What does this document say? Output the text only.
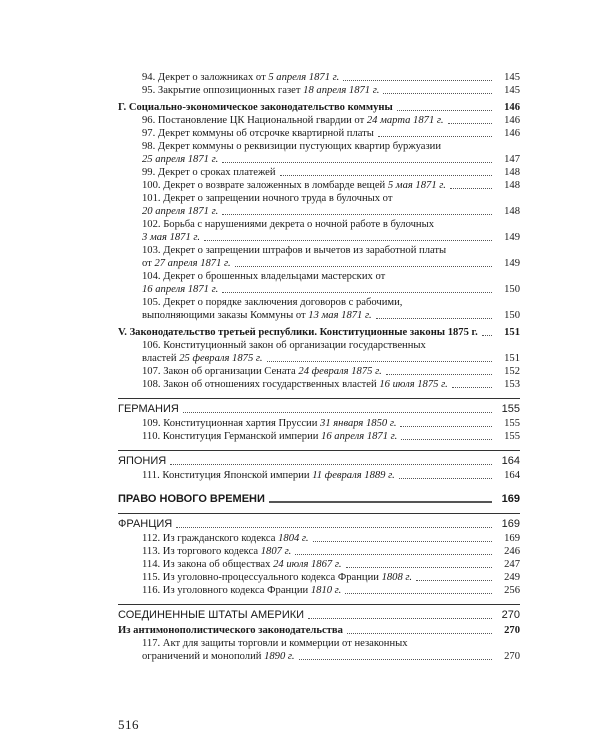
94. Декрет о заложниках от 5 апреля 1871 г.	145
95. Закрытие оппозиционных газет 18 апреля 1871 г.	145
Г. Социально-экономическое законодательство коммуны	146
96. Постановление ЦК Национальной гвардии от 24 марта 1871 г.	146
97. Декрет коммуны об отсрочке квартирной платы	146
98. Декрет коммуны о реквизиции пустующих квартир буржуазии
25 апреля 1871 г.	147
99. Декрет о сроках платежей	148
100. Декрет о возврате заложенных в ломбарде вещей 5 мая 1871 г.	148
101. Декрет о запрещении ночного труда в булочных от
20 апреля 1871 г.	148
102. Борьба с нарушениями декрета о ночной работе в булочных
3 мая 1871 г.	149
103. Декрет о запрещении штрафов и вычетов из заработной платы
от 27 апреля 1871 г.	149
104. Декрет о брошенных владельцами мастерских от
16 апреля 1871 г.	150
105. Декрет о порядке заключения договоров с рабочими,
выполняющими заказы Коммуны от 13 мая 1871 г.	150
V. Законодательство третьей республики. Конституционные законы 1875 г.	151
106. Конституционный закон об организации государственных
властей 25 февраля 1875 г.	151
107. Закон об организации Сената 24 февраля 1875 г.	152
108. Закон об отношениях государственных властей 16 июля 1875 г.	153
ГЕРМАНИЯ	155
109. Конституционная хартия Пруссии 31 января 1850 г.	155
110. Конституция Германской империи 16 апреля 1871 г.	155
ЯПОНИЯ	164
111. Конституция Японской империи 11 февраля 1889 г.	164
ПРАВО НОВОГО ВРЕМЕНИ	169
ФРАНЦИЯ	169
112. Из гражданского кодекса 1804 г.	169
113. Из торгового кодекса 1807 г.	246
114. Из закона об обществах 24 июля 1867 г.	247
115. Из уголовно-процессуального кодекса Франции 1808 г.	249
116. Из уголовного кодекса Франции 1810 г.	256
СОЕДИНЕННЫЕ ШТАТЫ АМЕРИКИ	270
Из антимонополистического законодательства	270
117. Акт для защиты торговли и коммерции от незаконных
ограничений и монополий 1890 г.	270
516
